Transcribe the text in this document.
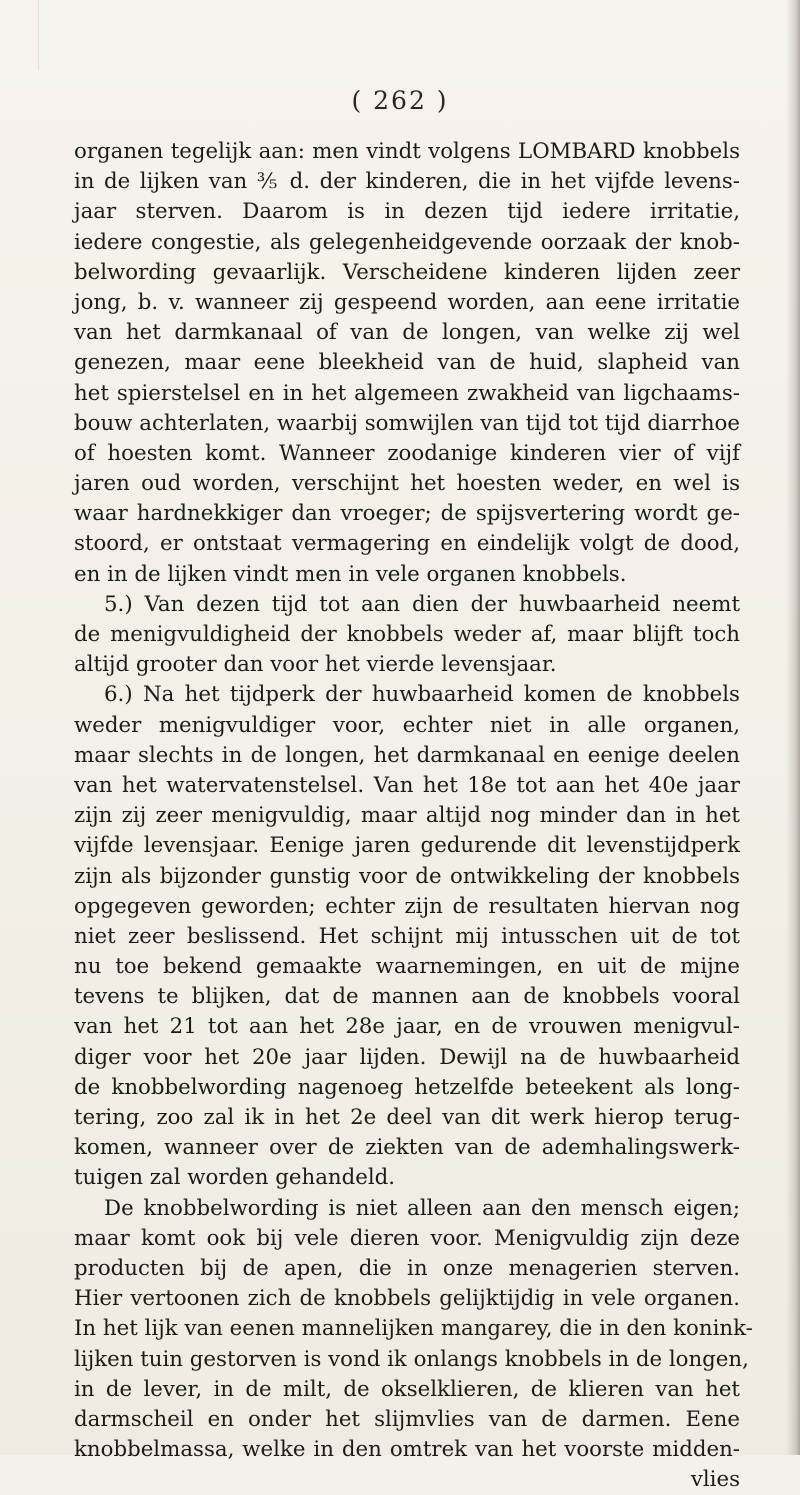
( 262 )
organen tegelijk aan: men vindt volgens LOMBARD knobbels
in de lijken van ⅗ d. der kinderen, die in het vijfde levens-
jaar sterven. Daarom is in dezen tijd iedere irritatie,
iedere congestie, als gelegenheidgevende oorzaak der knob-
belwording gevaarlijk. Verscheidene kinderen lijden zeer
jong, b. v. wanneer zij gespeend worden, aan eene irritatie
van het darmkanaal of van de longen, van welke zij wel
genezen, maar eene bleekheid van de huid, slapheid van
het spierstelsel en in het algemeen zwakheid van ligchaams-
bouw achterlaten, waarbij somwijlen van tijd tot tijd diarrhoe
of hoesten komt. Wanneer zoodanige kinderen vier of vijf
jaren oud worden, verschijnt het hoesten weder, en wel is
waar hardnekkiger dan vroeger; de spijsvertering wordt ge-
stoord, er ontstaat vermagering en eindelijk volgt de dood,
en in de lijken vindt men in vele organen knobbels.
5.) Van dezen tijd tot aan dien der huwbaarheid neemt
de menigvuldigheid der knobbels weder af, maar blijft toch
altijd grooter dan voor het vierde levensjaar.
6.) Na het tijdperk der huwbaarheid komen de knobbels
weder menigvuldiger voor, echter niet in alle organen,
maar slechts in de longen, het darmkanaal en eenige deelen
van het watervatenstelsel. Van het 18e tot aan het 40e jaar
zijn zij zeer menigvuldig, maar altijd nog minder dan in het
vijfde levensjaar. Eenige jaren gedurende dit levenstijdperk
zijn als bijzonder gunstig voor de ontwikkeling der knobbels
opgegeven geworden; echter zijn de resultaten hiervan nog
niet zeer beslissend. Het schijnt mij intusschen uit de tot
nu toe bekend gemaakte waarnemingen, en uit de mijne
tevens te blijken, dat de mannen aan de knobbels vooral
van het 21 tot aan het 28e jaar, en de vrouwen menigvul-
diger voor het 20e jaar lijden. Dewijl na de huwbaarheid
de knobbelwording nagenoeg hetzelfde beteekent als long-
tering, zoo zal ik in het 2e deel van dit werk hierop terug-
komen, wanneer over de ziekten van de ademhalingswerk-
tuigen zal worden gehandeld.
De knobbelwording is niet alleen aan den mensch eigen;
maar komt ook bij vele dieren voor. Menigvuldig zijn deze
producten bij de apen, die in onze menagerien sterven.
Hier vertoonen zich de knobbels gelijktijdig in vele organen.
In het lijk van eenen mannelijken mangarey, die in den konink-
lijken tuin gestorven is vond ik onlangs knobbels in de longen,
in de lever, in de milt, de okselklieren, de klieren van het
darmscheil en onder het slijmvlies van de darmen. Eene
knobbelmassa, welke in den omtrek van het voorste midden-
vlies
